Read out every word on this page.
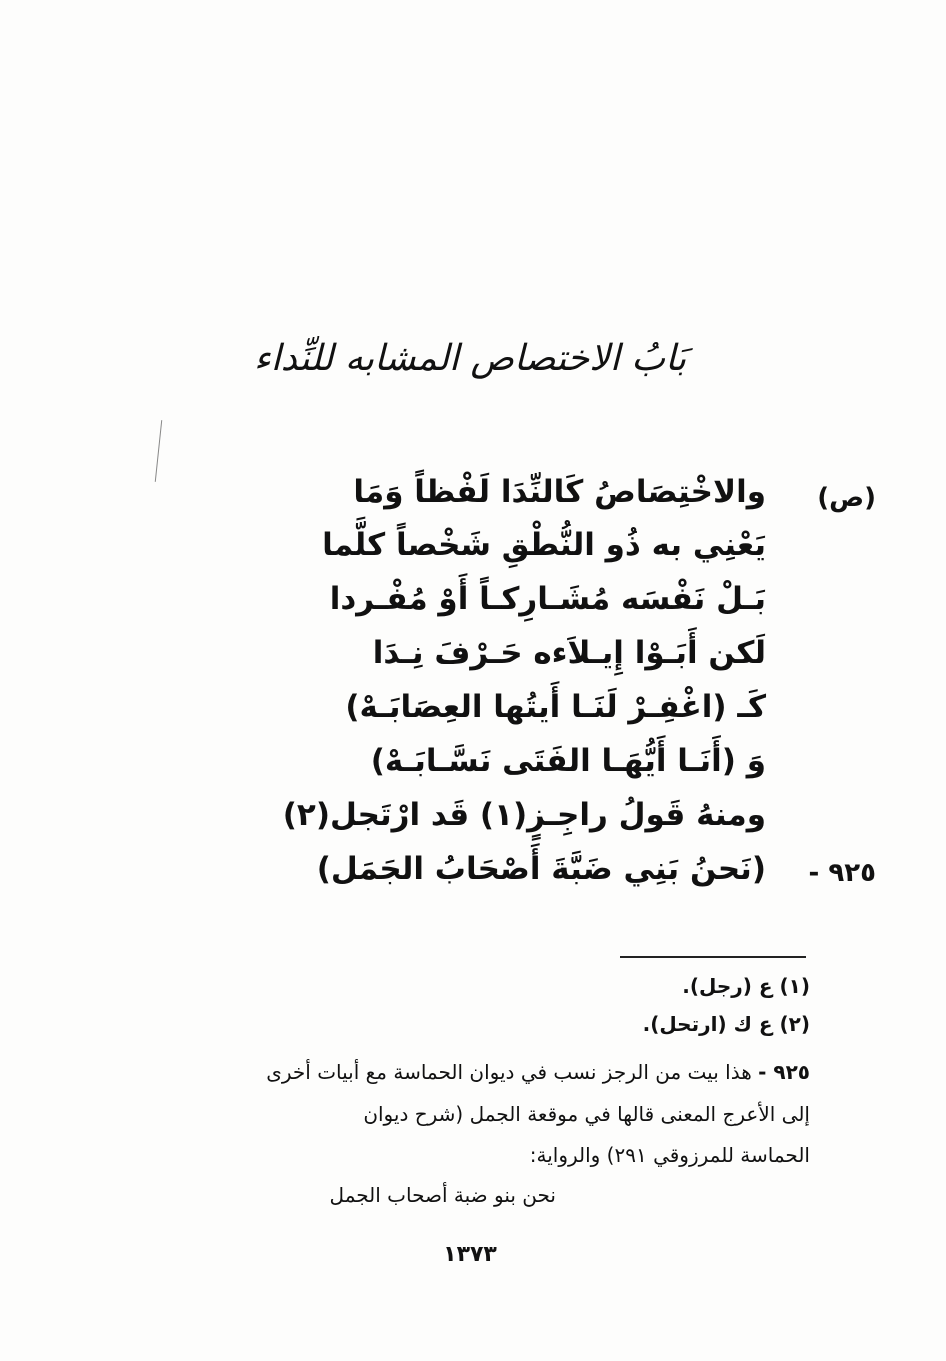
بَابُ الاختصاص المشابه للنِّداء
(ص)
والاخْتِصَاصُ كَالنِّدَا لَفْظاً وَمَا
يَعْنِي به ذُو النُّطْقِ شَخْصاً كلَّما
بَـلْ نَفْسَه مُشَـارِكـاً أَوْ مُفْـردا
لَكن أَبَـوْا إِيـلاَءه حَـرْفَ نِـدَا
كَـ (اغْفِـرْ لَنَـا أَيتُها العِصَابَـهْ)
وَ (أَنَـا أَيُّهَـا الفَتَى نَسَّـابَـهْ)
ومنهُ قَولُ راجِـزٍ(١) قَد ارْتَجل(٢)
(نَحنُ بَنِي ضَبَّةَ أَصْحَابُ الجَمَل) ٩٢٥ -
(١) ع (رجل).
(٢) ع ك (ارتحل).
٩٢٥ - هذا بيت من الرجز نسب في ديوان الحماسة مع أبيات أخرى
إلى الأعرج المعنى قالها في موقعة الجمل (شرح ديوان
الحماسة للمرزوقي ٢٩١) والرواية:
نحن بنو ضبة أصحاب الجمل
١٣٧٣
